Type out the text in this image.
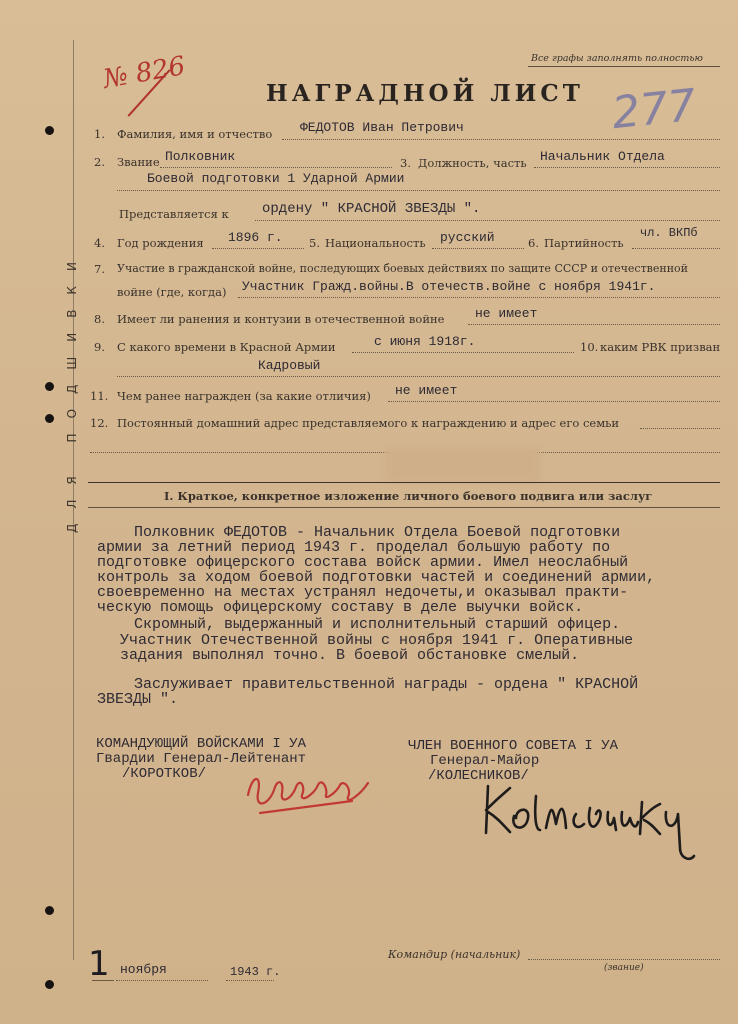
Все графы заполнять полностью
НАГРАДНОЙ ЛИСТ
№ 826
277
ДЛЯ ПОДШИВКИ
1. Фамилия, имя и отчество ФЕДОТОВ Иван Петрович
2. Звание Полковник	3. Должность, часть Начальник Отдела
Боевой подготовки 1 Ударной Армии
Представляется к ордену " КРАСНОЙ ЗВЕЗДЫ ".
4. Год рождения 1896 г. 5. Национальность русский	6. Партийность
чл. ВКПб
7. Участие в гражданской войне, последующих боевых действиях по защите СССР и отечественной
войне (где, когда) Участник Гражд.войны.В отечеств.войне с ноября 1941г.
8. Имеет ли ранения и контузии в отечественной войне не имеет
9. С какого времени в Красной Армии	с июня 1918г.	10. каким РВК призван
Кадровый
11. Чем ранее награжден (за какие отличия) не имеет
12. Постоянный домашний адрес представляемого к награждению и адрес его семьи
I. Краткое, конкретное изложение личного боевого подвига или заслуг
Полковник ФЕДОТОВ - Начальник Отдела Боевой подготовки
армии за летний период 1943 г. проделал большую работу по
подготовке офицерского состава войск армии. Имел неослабный
контроль за ходом боевой подготовки частей и соединений армии,
своевременно на местах устранял недочеты,и оказывал практи-
ческую помощь офицерскому составу в деле выучки войск.
Скромный, выдержанный и исполнительный старший офицер.
Участник Отечественной войны с ноября 1941 г. Оперативные
задания выполнял точно. В боевой обстановке смелый.
Заслуживает правительственной награды - ордена " КРАСНОЙ
ЗВЕЗДЫ ".
КОМАНДУЮЩИЙ ВОЙСКАМИ I УА
Гвардии Генерал-Лейтенант
/КОРОТКОВ/
ЧЛЕН ВОЕННОГО СОВЕТА I УА
Генерал-Майор
/КОЛЕСНИКОВ/
1 ноября	1943 г.
Командир (начальник)
(звание)
